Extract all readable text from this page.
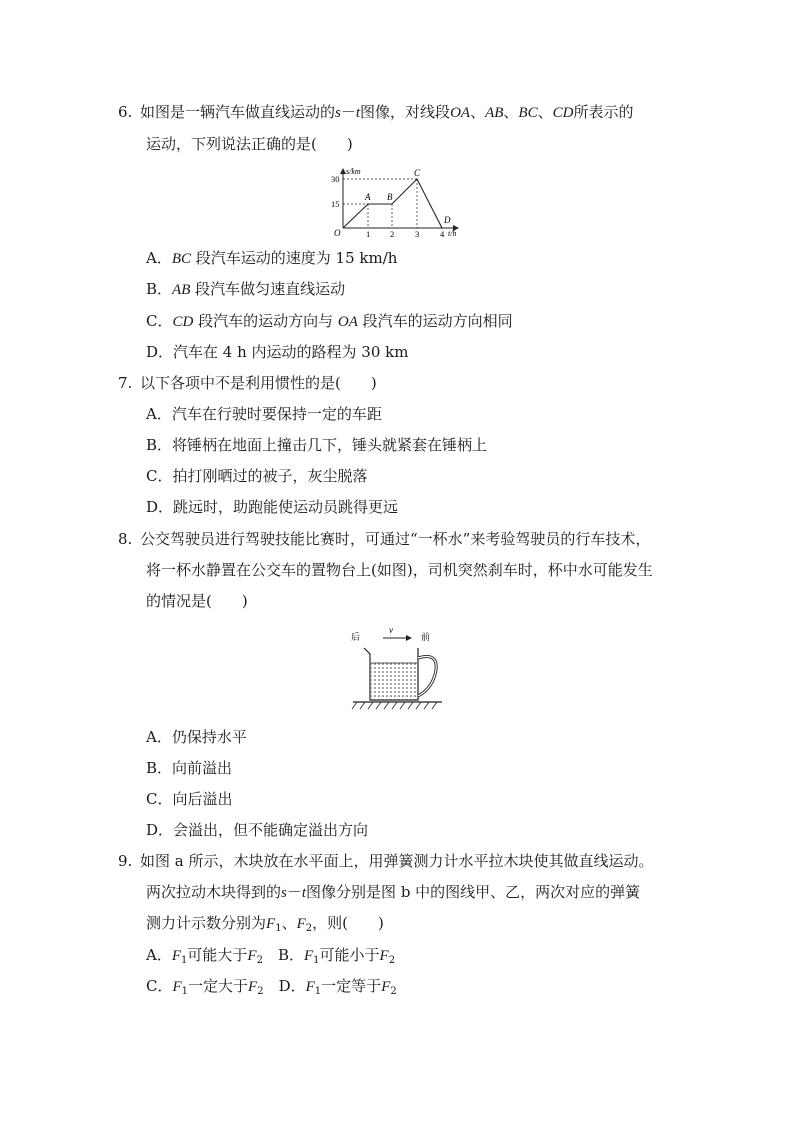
6. 如图是一辆汽车做直线运动的s－t图像，对线段OA、AB、BC、CD所表示的
运动，下列说法正确的是(　　)
s/km
t/h
O
30
15
1 2 3 4
A B
C
D
A．BC 段汽车运动的速度为 15 km/h
B．AB 段汽车做匀速直线运动
C．CD 段汽车的运动方向与 OA 段汽车的运动方向相同
D．汽车在 4 h 内运动的路程为 30 km
7. 以下各项中不是利用惯性的是(　　)
A．汽车在行驶时要保持一定的车距
B．将锤柄在地面上撞击几下，锤头就紧套在锤柄上
C．拍打刚晒过的被子，灰尘脱落
D．跳远时，助跑能使运动员跳得更远
8. 公交驾驶员进行驾驶技能比赛时，可通过“一杯水”来考验驾驶员的行车技术，
将一杯水静置在公交车的置物台上(如图)，司机突然刹车时，杯中水可能发生
的情况是(　　)
后
v
前
A．仍保持水平
B．向前溢出
C．向后溢出
D．会溢出，但不能确定溢出方向
9. 如图 a 所示，木块放在水平面上，用弹簧测力计水平拉木块使其做直线运动。
两次拉动木块得到的s－t图像分别是图 b 中的图线甲、乙，两次对应的弹簧
测力计示数分别为$F_1$、$F_2$，则(　　)
A．$F_1$可能大于$F_2$　B．$F_1$可能小于$F_2$
C．$F_1$一定大于$F_2$　D．$F_1$一定等于$F_2$
